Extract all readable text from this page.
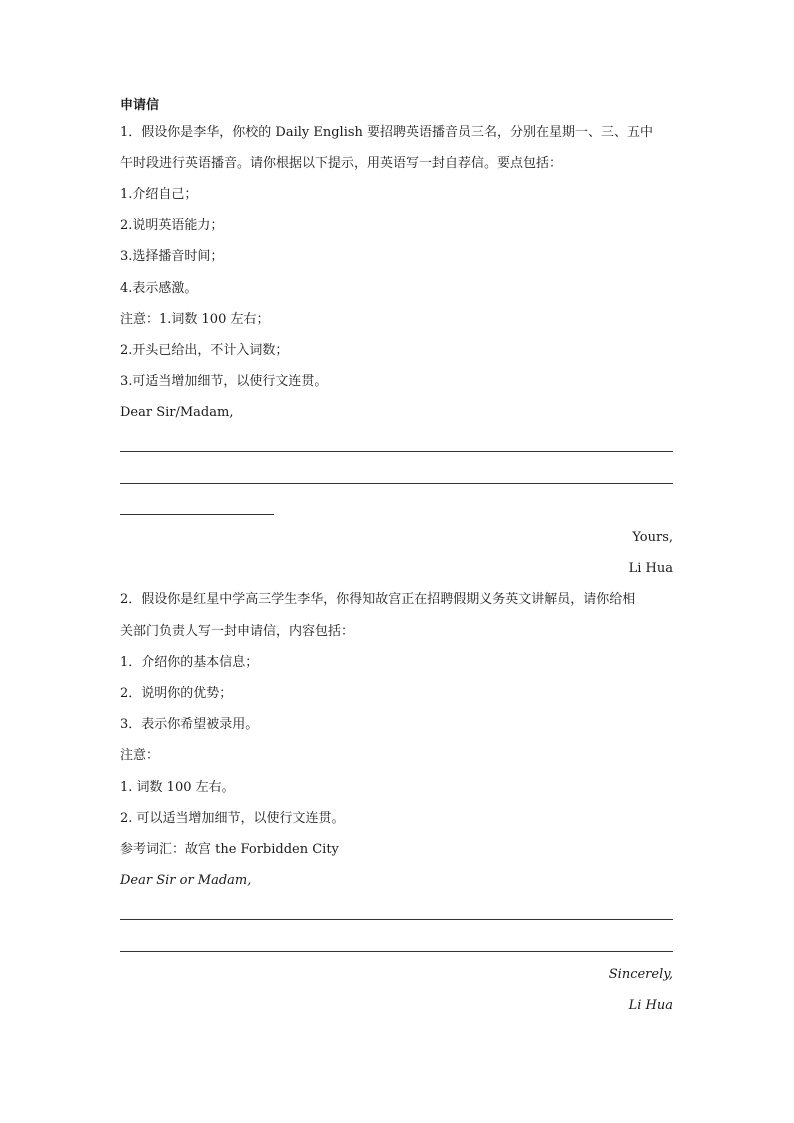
申请信
1．假设你是李华，你校的 Daily English 要招聘英语播音员三名，分别在星期一、三、五中
午时段进行英语播音。请你根据以下提示，用英语写一封自荐信。要点包括：
1.介绍自己；
2.说明英语能力；
3.选择播音时间；
4.表示感激。
注意：1.词数 100 左右；
2.开头已给出，不计入词数；
3.可适当增加细节，以使行文连贯。
Dear Sir/Madam,
Yours,
Li Hua
2．假设你是红星中学高三学生李华，你得知故宫正在招聘假期义务英文讲解员，请你给相
关部门负责人写一封申请信，内容包括：
1．介绍你的基本信息；
2．说明你的优势；
3．表示你希望被录用。
注意：
1. 词数 100 左右。
2. 可以适当增加细节，以使行文连贯。
参考词汇：故宫 the Forbidden City
Dear Sir or Madam,
Sincerely,
Li Hua
